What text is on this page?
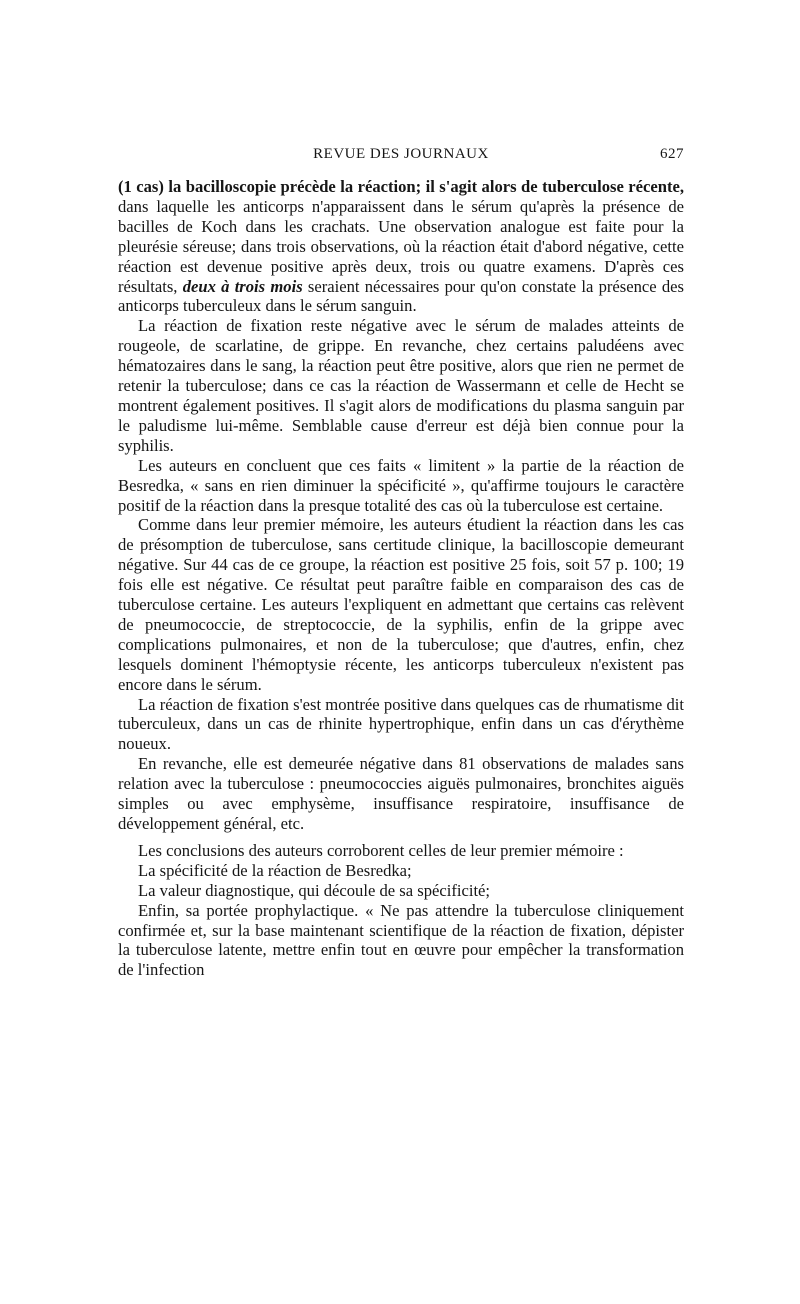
REVUE DES JOURNAUX	627

(1 cas) la bacilloscopie précède la réaction; il s'agit alors de tuberculose récente, dans laquelle les anticorps n'apparaissent dans le sérum qu'après la présence de bacilles de Koch dans les crachats. Une observation analogue est faite pour la pleurésie séreuse; dans trois observations, où la réaction était d'abord négative, cette réaction est devenue positive après deux, trois ou quatre examens. D'après ces résultats, deux à trois mois seraient nécessaires pour qu'on constate la présence des anticorps tuberculeux dans le sérum sanguin.

La réaction de fixation reste négative avec le sérum de malades atteints de rougeole, de scarlatine, de grippe. En revanche, chez certains paludéens avec hématozaires dans le sang, la réaction peut être positive, alors que rien ne permet de retenir la tuberculose; dans ce cas la réaction de Wassermann et celle de Hecht se montrent également positives. Il s'agit alors de modifications du plasma sanguin par le paludisme lui-même. Semblable cause d'erreur est déjà bien connue pour la syphilis.

Les auteurs en concluent que ces faits « limitent » la partie de la réaction de Besredka, « sans en rien diminuer la spécificité », qu'affirme toujours le caractère positif de la réaction dans la presque totalité des cas où la tuberculose est certaine.

Comme dans leur premier mémoire, les auteurs étudient la réaction dans les cas de présomption de tuberculose, sans certitude clinique, la bacilloscopie demeurant négative. Sur 44 cas de ce groupe, la réaction est positive 25 fois, soit 57 p. 100; 19 fois elle est négative. Ce résultat peut paraître faible en comparaison des cas de tuberculose certaine. Les auteurs l'expliquent en admettant que certains cas relèvent de pneumococcie, de streptococcie, de la syphilis, enfin de la grippe avec complications pulmonaires, et non de la tuberculose; que d'autres, enfin, chez lesquels dominent l'hémoptysie récente, les anticorps tuberculeux n'existent pas encore dans le sérum.

La réaction de fixation s'est montrée positive dans quelques cas de rhumatisme dit tuberculeux, dans un cas de rhinite hypertrophique, enfin dans un cas d'érythème noueux.

En revanche, elle est demeurée négative dans 81 observations de malades sans relation avec la tuberculose : pneumococcies aiguës pulmonaires, bronchites aiguës simples ou avec emphysème, insuffisance respiratoire, insuffisance de développement général, etc.

Les conclusions des auteurs corroborent celles de leur premier mémoire :

La spécificité de la réaction de Besredka;

La valeur diagnostique, qui découle de sa spécificité;

Enfin, sa portée prophylactique. « Ne pas attendre la tuberculose cliniquement confirmée et, sur la base maintenant scientifique de la réaction de fixation, dépister la tuberculose latente, mettre enfin tout en œuvre pour empêcher la transformation de l'infection
